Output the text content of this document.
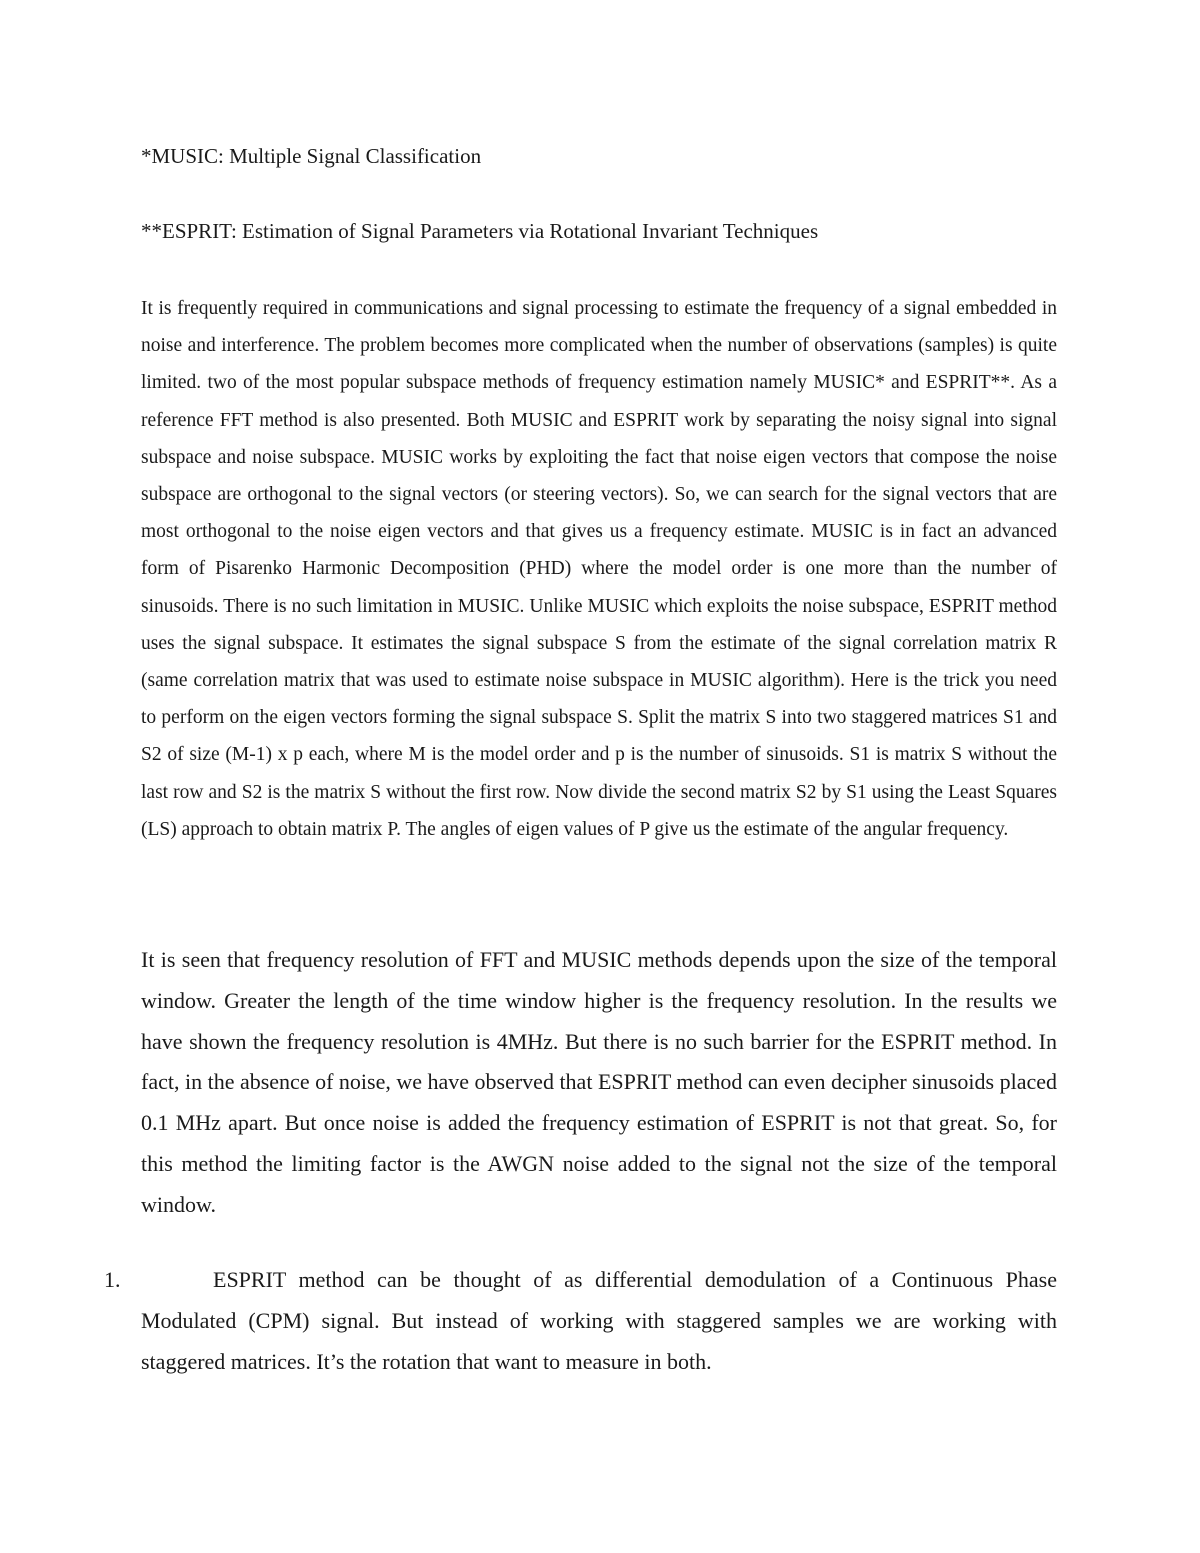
*MUSIC: Multiple Signal Classification

**ESPRIT: Estimation of Signal Parameters via Rotational Invariant Techniques

It is frequently required in communications and signal processing to estimate the frequency of a signal embedded in noise and interference. The problem becomes more complicated when the number of observations (samples) is quite limited. two of the most popular subspace methods of frequency estimation namely MUSIC* and ESPRIT**. As a reference FFT method is also presented. Both MUSIC and ESPRIT work by separating the noisy signal into signal subspace and noise subspace. MUSIC works by exploiting the fact that noise eigen vectors that compose the noise subspace are orthogonal to the signal vectors (or steering vectors). So, we can search for the signal vectors that are most orthogonal to the noise eigen vectors and that gives us a frequency estimate. MUSIC is in fact an advanced form of Pisarenko Harmonic Decomposition (PHD) where the model order is one more than the number of sinusoids. There is no such limitation in MUSIC. Unlike MUSIC which exploits the noise subspace, ESPRIT method uses the signal subspace. It estimates the signal subspace S from the estimate of the signal correlation matrix R (same correlation matrix that was used to estimate noise subspace in MUSIC algorithm). Here is the trick you need to perform on the eigen vectors forming the signal subspace S. Split the matrix S into two staggered matrices S1 and S2 of size (M-1) x p each, where M is the model order and p is the number of sinusoids. S1 is matrix S without the last row and S2 is the matrix S without the first row. Now divide the second matrix S2 by S1 using the Least Squares (LS) approach to obtain matrix P. The angles of eigen values of P give us the estimate of the angular frequency.

It is seen that frequency resolution of FFT and MUSIC methods depends upon the size of the temporal window. Greater the length of the time window higher is the frequency resolution. In the results we have shown the frequency resolution is 4MHz. But there is no such barrier for the ESPRIT method. In fact, in the absence of noise, we have observed that ESPRIT method can even decipher sinusoids placed 0.1 MHz apart. But once noise is added the frequency estimation of ESPRIT is not that great. So, for this method the limiting factor is the AWGN noise added to the signal not the size of the temporal window.

1.	ESPRIT method can be thought of as differential demodulation of a Continuous Phase Modulated (CPM) signal. But instead of working with staggered samples we are working with staggered matrices. It’s the rotation that want to measure in both.
